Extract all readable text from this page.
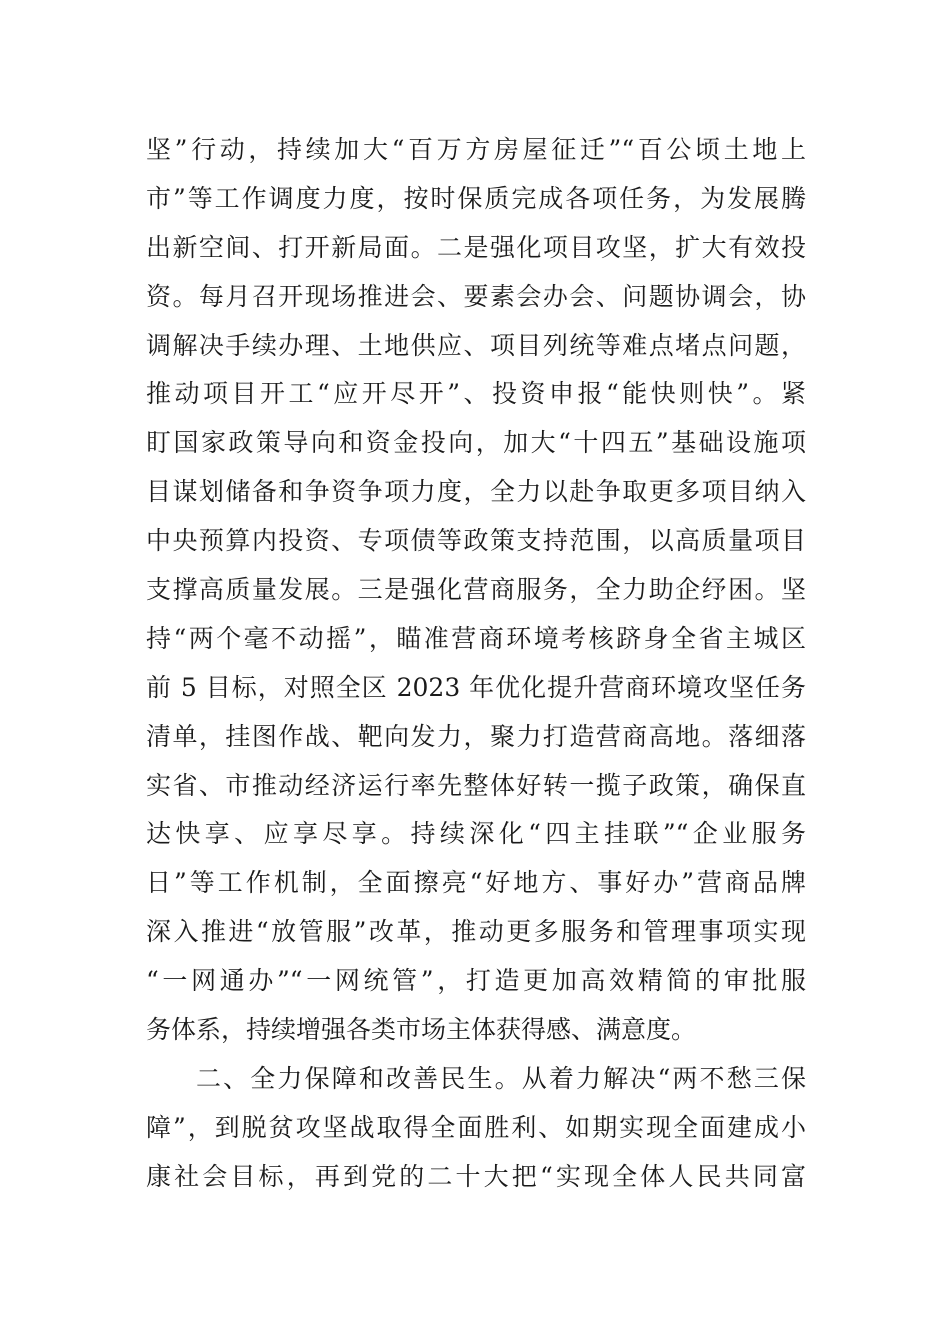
坚”行动，持续加大“百万方房屋征迁”“百公顷土地上
市”等工作调度力度，按时保质完成各项任务，为发展腾
出新空间、打开新局面。二是强化项目攻坚，扩大有效投
资。每月召开现场推进会、要素会办会、问题协调会，协
调解决手续办理、土地供应、项目列统等难点堵点问题，
推动项目开工“应开尽开”、投资申报“能快则快”。紧
盯国家政策导向和资金投向，加大“十四五”基础设施项
目谋划储备和争资争项力度，全力以赴争取更多项目纳入
中央预算内投资、专项债等政策支持范围，以高质量项目
支撑高质量发展。三是强化营商服务，全力助企纾困。坚
持“两个毫不动摇”，瞄准营商环境考核跻身全省主城区
前 5 目标，对照全区 2023 年优化提升营商环境攻坚任务
清单，挂图作战、靶向发力，聚力打造营商高地。落细落
实省、市推动经济运行率先整体好转一揽子政策，确保直
达快享、应享尽享。持续深化“四主挂联”“企业服务
日”等工作机制，全面擦亮“好地方、事好办”营商品牌
深入推进“放管服”改革，推动更多服务和管理事项实现
“一网通办”“一网统管”，打造更加高效精简的审批服
务体系，持续增强各类市场主体获得感、满意度。
二、全力保障和改善民生。从着力解决“两不愁三保
障”，到脱贫攻坚战取得全面胜利、如期实现全面建成小
康社会目标，再到党的二十大把“实现全体人民共同富
